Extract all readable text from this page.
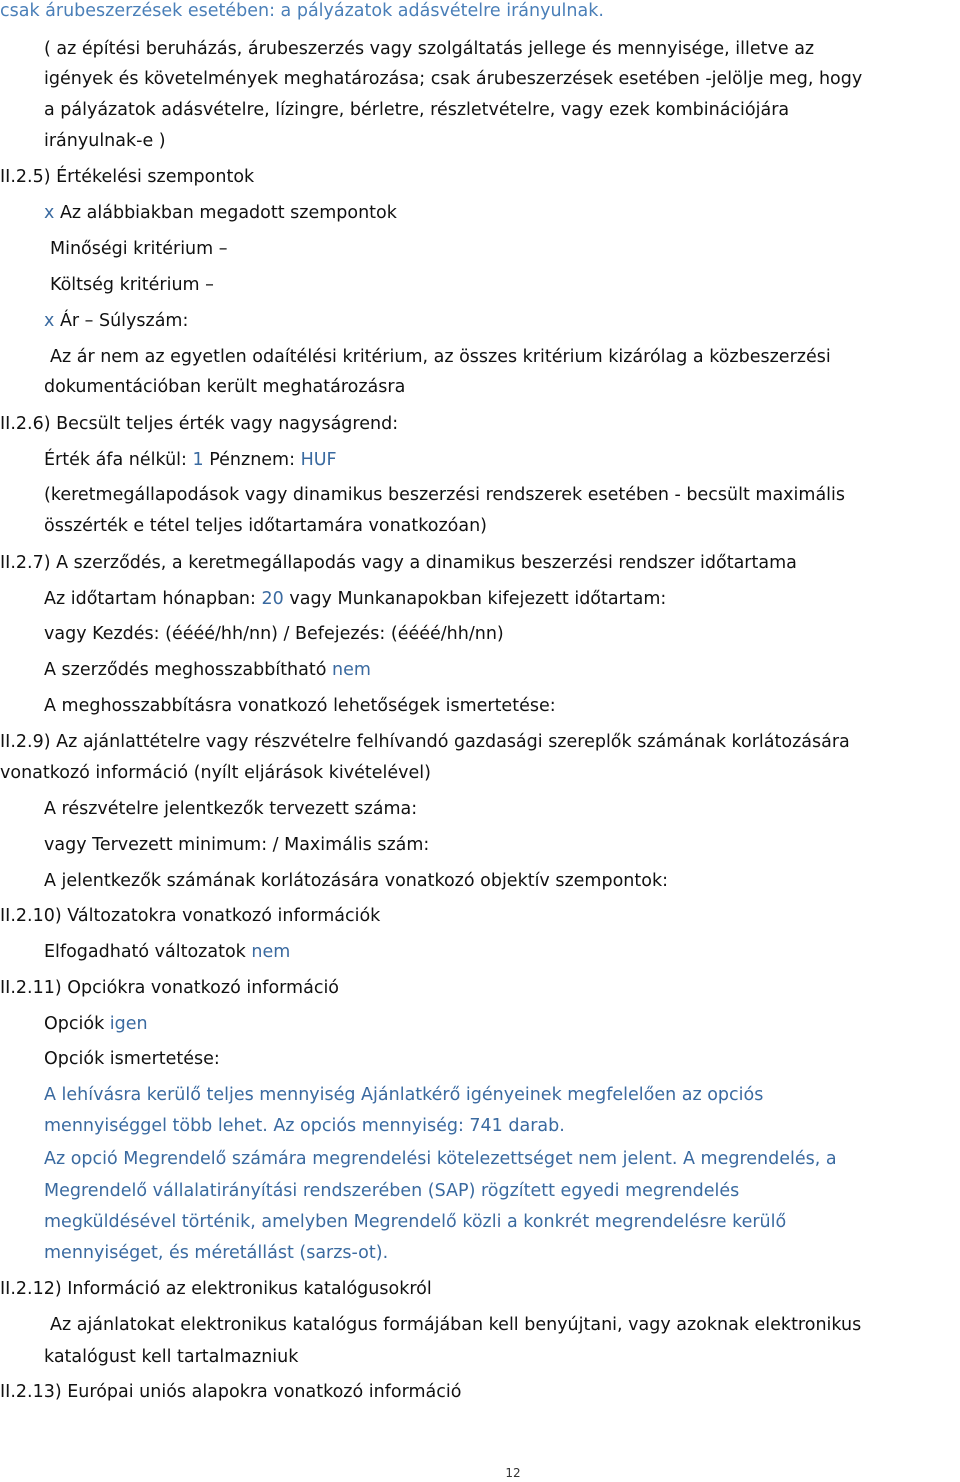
csak árubeszerzések esetében: a pályázatok adásvételre irányulnak.
( az építési beruházás, árubeszerzés vagy szolgáltatás jellege és mennyisége, illetve az
igények és követelmények meghatározása; csak árubeszerzések esetében -jelölje meg, hogy
a pályázatok adásvételre, lízingre, bérletre, részletvételre, vagy ezek kombinációjára
irányulnak-e )
II.2.5) Értékelési szempontok
x Az alábbiakban megadott szempontok
Minőségi kritérium –
Költség kritérium –
x Ár – Súlyszám:
Az ár nem az egyetlen odaítélési kritérium, az összes kritérium kizárólag a közbeszerzési
dokumentációban került meghatározásra
II.2.6) Becsült teljes érték vagy nagyságrend:
Érték áfa nélkül: 1 Pénznem: HUF
(keretmegállapodások vagy dinamikus beszerzési rendszerek esetében - becsült maximális
összérték e tétel teljes időtartamára vonatkozóan)
II.2.7) A szerződés, a keretmegállapodás vagy a dinamikus beszerzési rendszer időtartama
Az időtartam hónapban: 20 vagy Munkanapokban kifejezett időtartam:
vagy Kezdés: (éééé/hh/nn) / Befejezés: (éééé/hh/nn)
A szerződés meghosszabbítható nem
A meghosszabbításra vonatkozó lehetőségek ismertetése:
II.2.9) Az ajánlattételre vagy részvételre felhívandó gazdasági szereplők számának korlátozására
vonatkozó információ (nyílt eljárások kivételével)
A részvételre jelentkezők tervezett száma:
vagy Tervezett minimum: / Maximális szám:
A jelentkezők számának korlátozására vonatkozó objektív szempontok:
II.2.10) Változatokra vonatkozó információk
Elfogadható változatok nem
II.2.11) Opciókra vonatkozó információ
Opciók igen
Opciók ismertetése:
A lehívásra kerülő teljes mennyiség Ajánlatkérő igényeinek megfelelően az opciós
mennyiséggel több lehet. Az opciós mennyiség: 741 darab.
Az opció Megrendelő számára megrendelési kötelezettséget nem jelent. A megrendelés, a
Megrendelő vállalatirányítási rendszerében (SAP) rögzített egyedi megrendelés
megküldésével történik, amelyben Megrendelő közli a konkrét megrendelésre kerülő
mennyiséget, és méretállást (sarzs-ot).
II.2.12) Információ az elektronikus katalógusokról
Az ajánlatokat elektronikus katalógus formájában kell benyújtani, vagy azoknak elektronikus
katalógust kell tartalmazniuk
II.2.13) Európai uniós alapokra vonatkozó információ
12
